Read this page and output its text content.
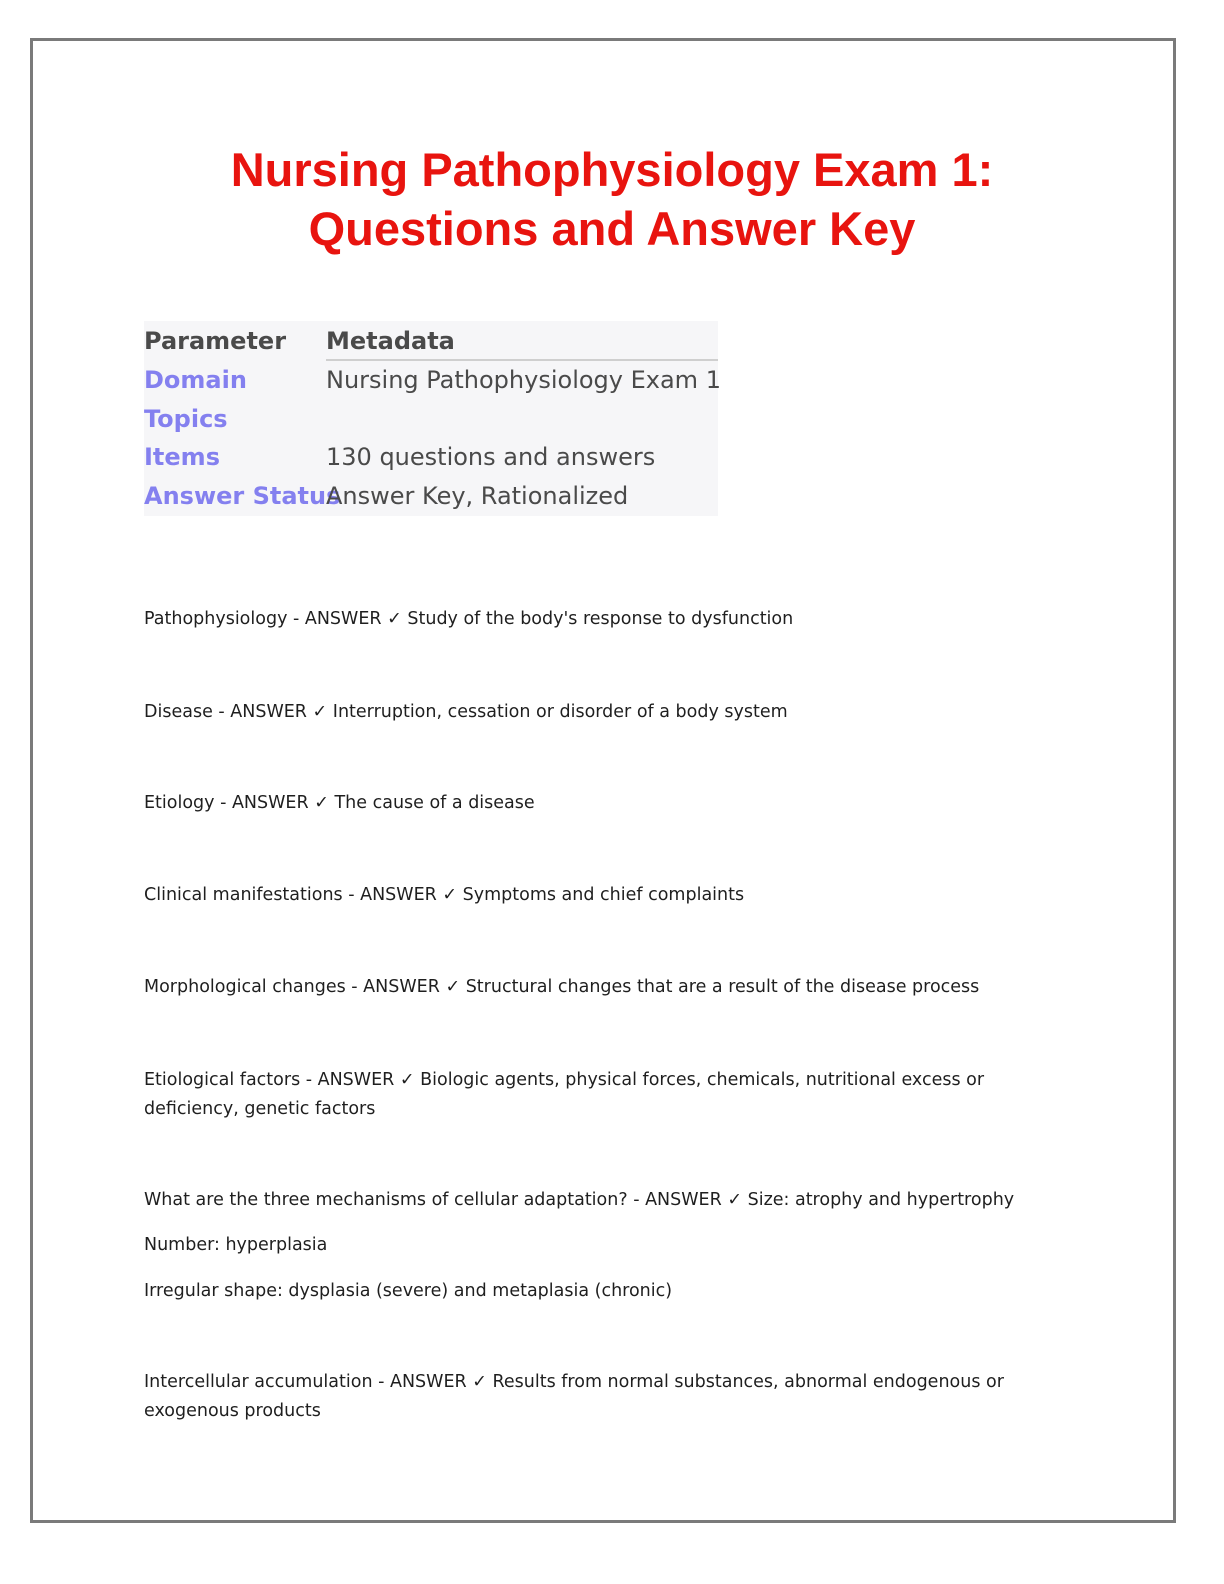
Nursing Pathophysiology Exam 1:
Questions and Answer Key
Parameter Metadata
Domain	Nursing Pathophysiology Exam 1
Topics
Items	130 questions and answers
Answer Status
Answer Key, Rationalized
Pathophysiology - ANSWER ✓ Study of the body's response to dysfunction
Disease - ANSWER ✓ Interruption, cessation or disorder of a body system
Etiology - ANSWER ✓ The cause of a disease
Clinical manifestations - ANSWER ✓ Symptoms and chief complaints
Morphological changes - ANSWER ✓ Structural changes that are a result of the disease process
Etiological factors - ANSWER ✓ Biologic agents, physical forces, chemicals, nutritional excess or deficiency, genetic factors
What are the three mechanisms of cellular adaptation? - ANSWER ✓ Size: atrophy and hypertrophy
Number: hyperplasia
Irregular shape: dysplasia (severe) and metaplasia (chronic)
Intercellular accumulation - ANSWER ✓ Results from normal substances, abnormal endogenous or exogenous products
